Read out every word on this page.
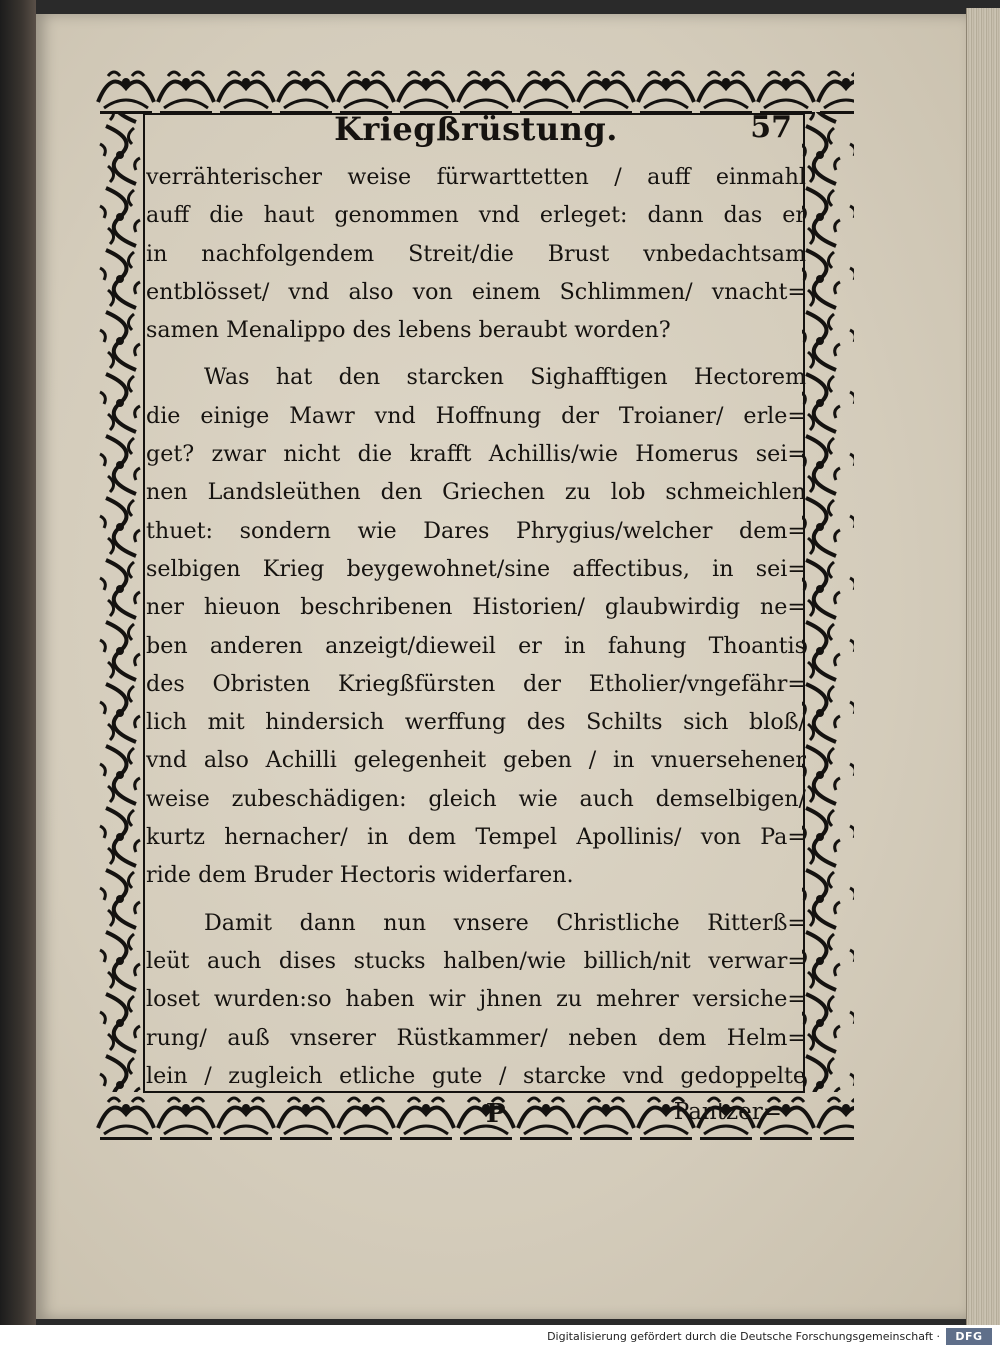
Kriegßrüstung.	57
verrähterischer weise fürwarttetten / auff einmahl
auff die haut genommen vnd erleget: dann das er
in nachfolgendem Streit/die Brust vnbedachtsam
entblösset/ vnd also von einem Schlimmen/ vnacht=
samen Menalippo des lebens beraubt worden?
Was hat den starcken Sighafftigen Hectorem
die einige Mawr vnd Hoffnung der Troianer/ erle=
get? zwar nicht die krafft Achillis/wie Homerus sei=
nen Landsleüthen den Griechen zu lob schmeichlen
thuet: sondern wie Dares Phrygius/welcher dem=
selbigen Krieg beygewohnet/sine affectibus, in sei=
ner hieuon beschribenen Historien/ glaubwirdig ne=
ben anderen anzeigt/dieweil er in fahung Thoantis
des Obristen Kriegßfürsten der Etholier/vngefähr=
lich mit hindersich werffung des Schilts sich bloß/
vnd also Achilli gelegenheit geben / in vnuersehener
weise zubeschädigen: gleich wie auch demselbigen/
kurtz hernacher/ in dem Tempel Apollinis/ von Pa=
ride dem Bruder Hectoris widerfaren.
Damit dann nun vnsere Christliche Ritterß=
leüt auch dises stucks halben/wie billich/nit verwar=
loset wurden:so haben wir jhnen zu mehrer versiche=
rung/ auß vnserer Rüstkammer/ neben dem Helm=
lein / zugleich etliche gute / starcke vnd gedoppelte
P	Pantzer=
Digitalisierung gefördert durch die Deutsche Forschungsgemeinschaft ·	DFG
